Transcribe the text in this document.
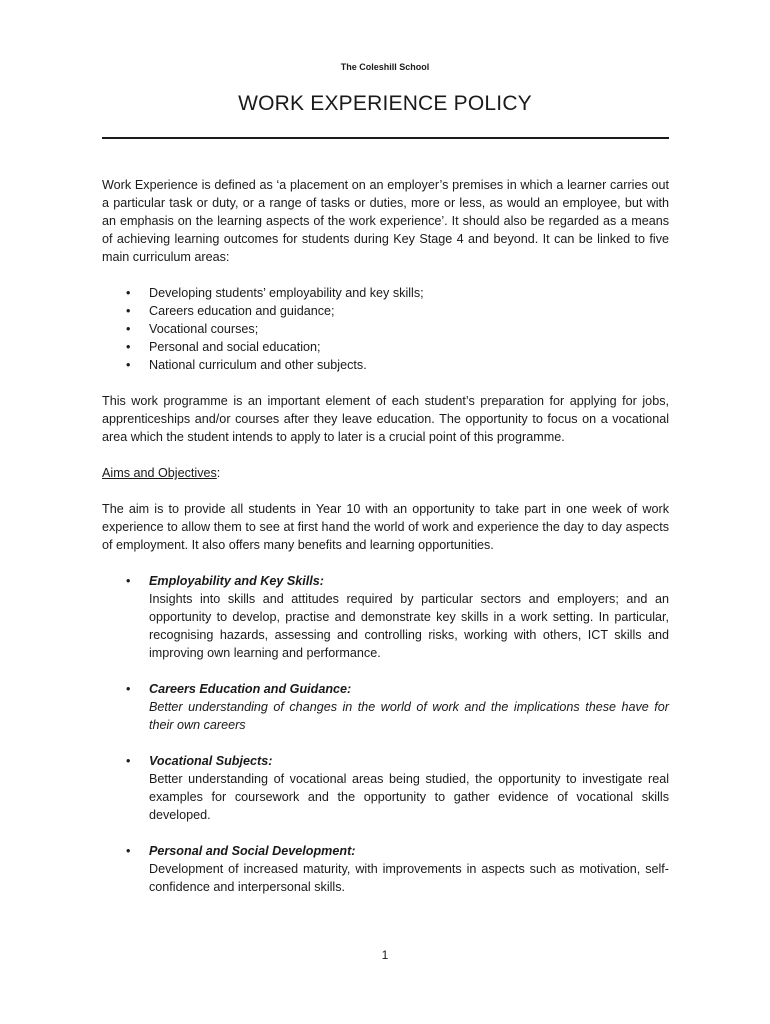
The Coleshill School
WORK EXPERIENCE POLICY

Work Experience is defined as ‘a placement on an employer’s premises in which a learner carries out a particular task or duty, or a range of tasks or duties, more or less, as would an employee, but with an emphasis on the learning aspects of the work experience’. It should also be regarded as a means of achieving learning outcomes for students during Key Stage 4 and beyond. It can be linked to five main curriculum areas:

• Developing students’ employability and key skills;
• Careers education and guidance;
• Vocational courses;
• Personal and social education;
• National curriculum and other subjects.

This work programme is an important element of each student’s preparation for applying for jobs, apprenticeships and/or courses after they leave education. The opportunity to focus on a vocational area which the student intends to apply to later is a crucial point of this programme.

Aims and Objectives:

The aim is to provide all students in Year 10 with an opportunity to take part in one week of work experience to allow them to see at first hand the world of work and experience the day to day aspects of employment. It also offers many benefits and learning opportunities.

• Employability and Key Skills:
Insights into skills and attitudes required by particular sectors and employers; and an opportunity to develop, practise and demonstrate key skills in a work setting. In particular, recognising hazards, assessing and controlling risks, working with others, ICT skills and improving own learning and performance.
• Careers Education and Guidance:
Better understanding of changes in the world of work and the implications these have for their own careers
• Vocational Subjects:
Better understanding of vocational areas being studied, the opportunity to investigate real examples for coursework and the opportunity to gather evidence of vocational skills developed.
• Personal and Social Development:
Development of increased maturity, with improvements in aspects such as motivation, self-confidence and interpersonal skills.
1
